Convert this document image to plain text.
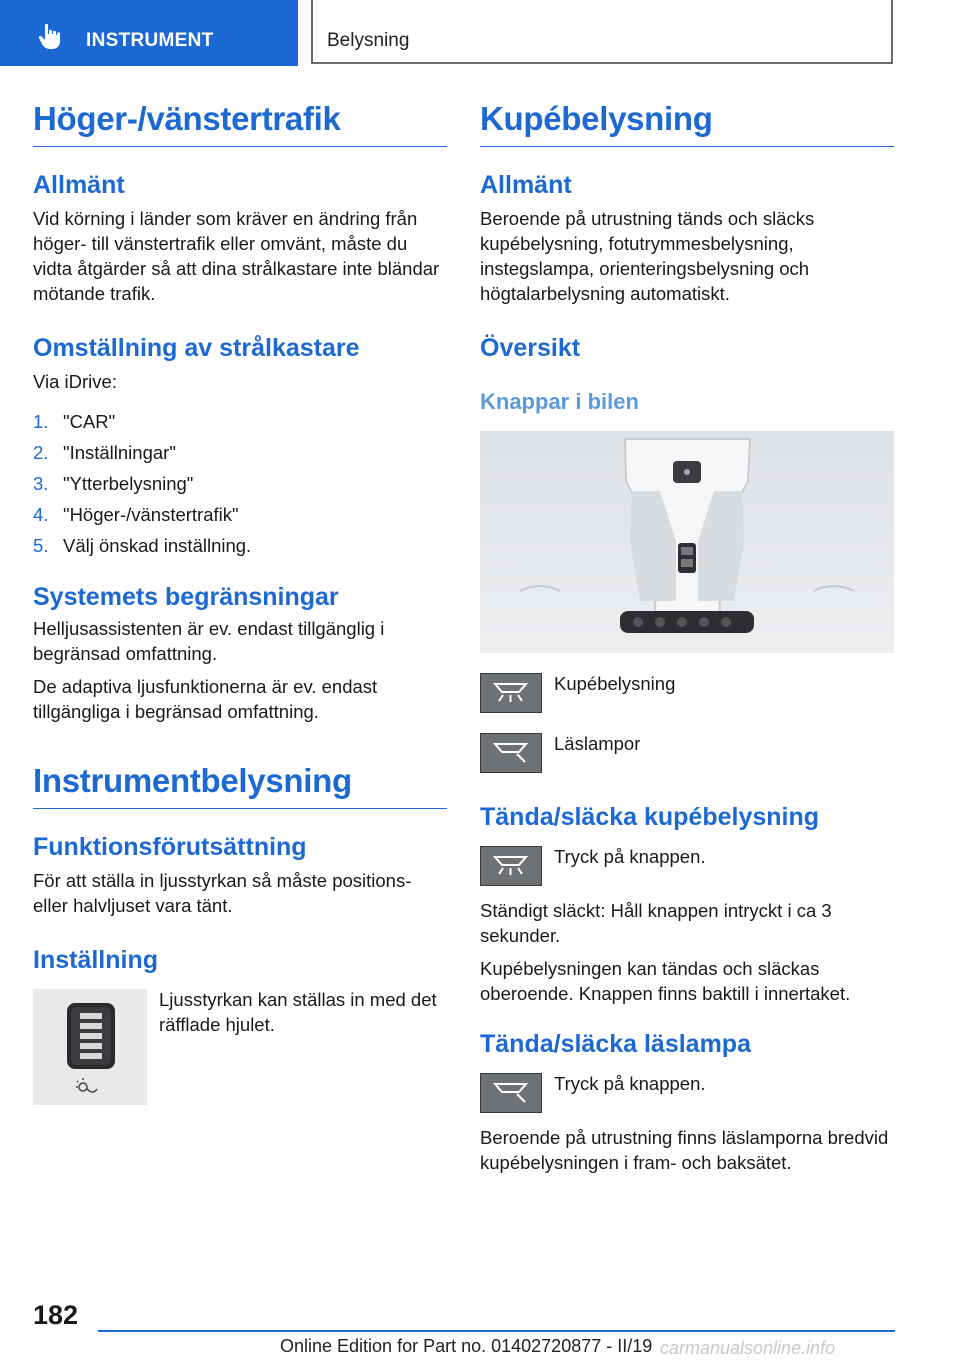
INSTRUMENT	Belysning
Höger-/vänstertrafik
Allmänt

Vid körning i länder som kräver en ändring från höger- till vänstertrafik eller omvänt, måste du vidta åtgärder så att dina strålkastare inte bländar mötande trafik.

Omställning av strålkastare

Via iDrive:

1. "CAR"
2. "Inställningar"
3. "Ytterbelysning"
4. "Höger-/vänstertrafik"
5. Välj önskad inställning.
Systemets begränsningar

Helljusassistenten är ev. endast tillgänglig i begränsad omfattning.

De adaptiva ljusfunktionerna är ev. endast tillgängliga i begränsad omfattning.

Instrumentbelysning
Funktionsförutsättning

För att ställa in ljusstyrkan så måste positions- eller halvljuset vara tänt.

Inställning
Ljusstyrkan kan ställas in med det räfflade hjulet.
Kupébelysning
Allmänt

Beroende på utrustning tänds och släcks kupébelysning, fotutrymmesbelysning, instegslampa, orienteringsbelysning och högtalarbelysning automatiskt.

Översikt
Knappar i bilen
Kupébelysning
Läslampor
Tända/släcka kupébelysning
Tryck på knappen.

Ständigt släckt: Håll knappen intryckt i ca 3 sekunder.

Kupébelysningen kan tändas och släckas oberoende. Knappen finns baktill i innertaket.

Tända/släcka läslampa
Tryck på knappen.

Beroende på utrustning finns läslamporna bredvid kupébelysningen i fram- och baksätet.

182
Online Edition for Part no. 01402720877 - II/19 carmanualsonline.info
